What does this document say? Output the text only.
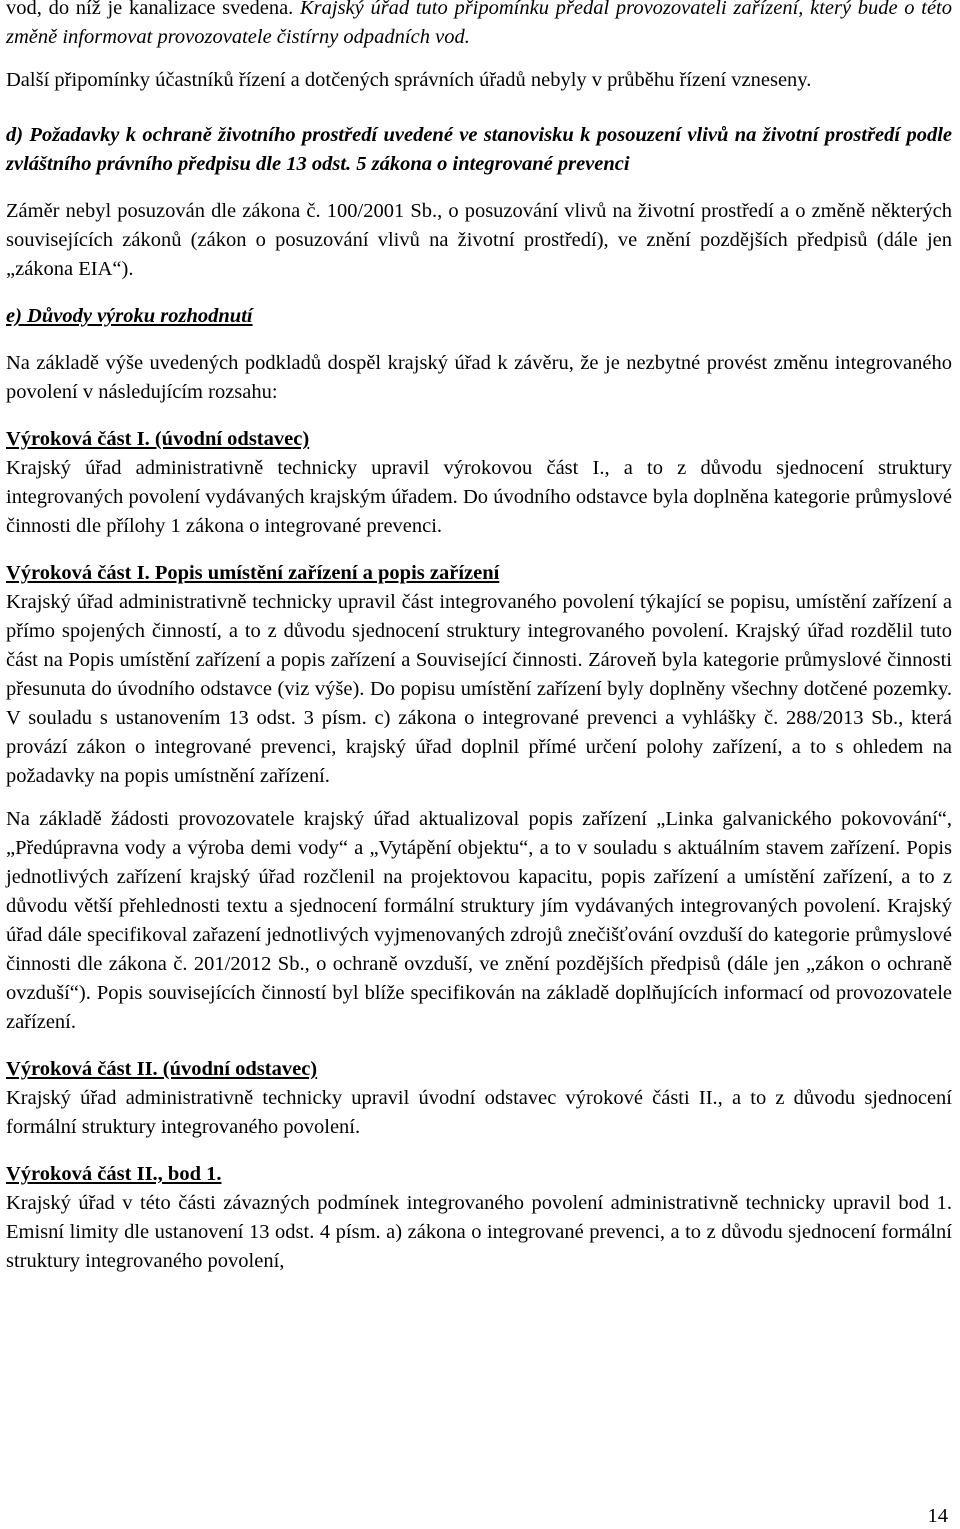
vod, do níž je kanalizace svedena. Krajský úřad tuto připomínku předal provozovateli zařízení, který bude o této změně informovat provozovatele čistírny odpadních vod.

Další připomínky účastníků řízení a dotčených správních úřadů nebyly v průběhu řízení vzneseny.

d) Požadavky k ochraně životního prostředí uvedené ve stanovisku k posouzení vlivů na životní prostředí podle zvláštního právního předpisu dle 13 odst. 5 zákona o integrované prevenci

Záměr nebyl posuzován dle zákona č. 100/2001 Sb., o posuzování vlivů na životní prostředí a o změně některých souvisejících zákonů (zákon o posuzování vlivů na životní prostředí), ve znění pozdějších předpisů (dále jen „zákona EIA“).

e) Důvody výroku rozhodnutí

Na základě výše uvedených podkladů dospěl krajský úřad k závěru, že je nezbytné provést změnu integrovaného povolení v následujícím rozsahu:

Výroková část I. (úvodní odstavec)

Krajský úřad administrativně technicky upravil výrokovou část I., a to z důvodu sjednocení struktury integrovaných povolení vydávaných krajským úřadem. Do úvodního odstavce byla doplněna kategorie průmyslové činnosti dle přílohy 1 zákona o integrované prevenci.

Výroková část I. Popis umístění zařízení a popis zařízení

Krajský úřad administrativně technicky upravil část integrovaného povolení týkající se popisu, umístění zařízení a přímo spojených činností, a to z důvodu sjednocení struktury integrovaného povolení. Krajský úřad rozdělil tuto část na Popis umístění zařízení a popis zařízení a Související činnosti. Zároveň byla kategorie průmyslové činnosti přesunuta do úvodního odstavce (viz výše). Do popisu umístění zařízení byly doplněny všechny dotčené pozemky. V souladu s ustanovením 13 odst. 3 písm. c) zákona o integrované prevenci a vyhlášky č. 288/2013 Sb., která provází zákon o integrované prevenci, krajský úřad doplnil přímé určení polohy zařízení, a to s ohledem na požadavky na popis umístnění zařízení.

Na základě žádosti provozovatele krajský úřad aktualizoval popis zařízení „Linka galvanického pokovování“, „Předúpravna vody a výroba demi vody“ a „Vytápění objektu“, a to v souladu s aktuálním stavem zařízení. Popis jednotlivých zařízení krajský úřad rozčlenil na projektovou kapacitu, popis zařízení a umístění zařízení, a to z důvodu větší přehlednosti textu a sjednocení formální struktury jím vydávaných integrovaných povolení. Krajský úřad dále specifikoval zařazení jednotlivých vyjmenovaných zdrojů znečišťování ovzduší do kategorie průmyslové činnosti dle zákona č. 201/2012 Sb., o ochraně ovzduší, ve znění pozdějších předpisů (dále jen „zákon o ochraně ovzduší“). Popis souvisejících činností byl blíže specifikován na základě doplňujících informací od provozovatele zařízení.

Výroková část II. (úvodní odstavec)

Krajský úřad administrativně technicky upravil úvodní odstavec výrokové části II., a to z důvodu sjednocení formální struktury integrovaného povolení.

Výroková část II., bod 1.

Krajský úřad v této části závazných podmínek integrovaného povolení administrativně technicky upravil bod 1. Emisní limity dle ustanovení 13 odst. 4 písm. a) zákona o integrované prevenci, a to z důvodu sjednocení formální struktury integrovaného povolení,

14
